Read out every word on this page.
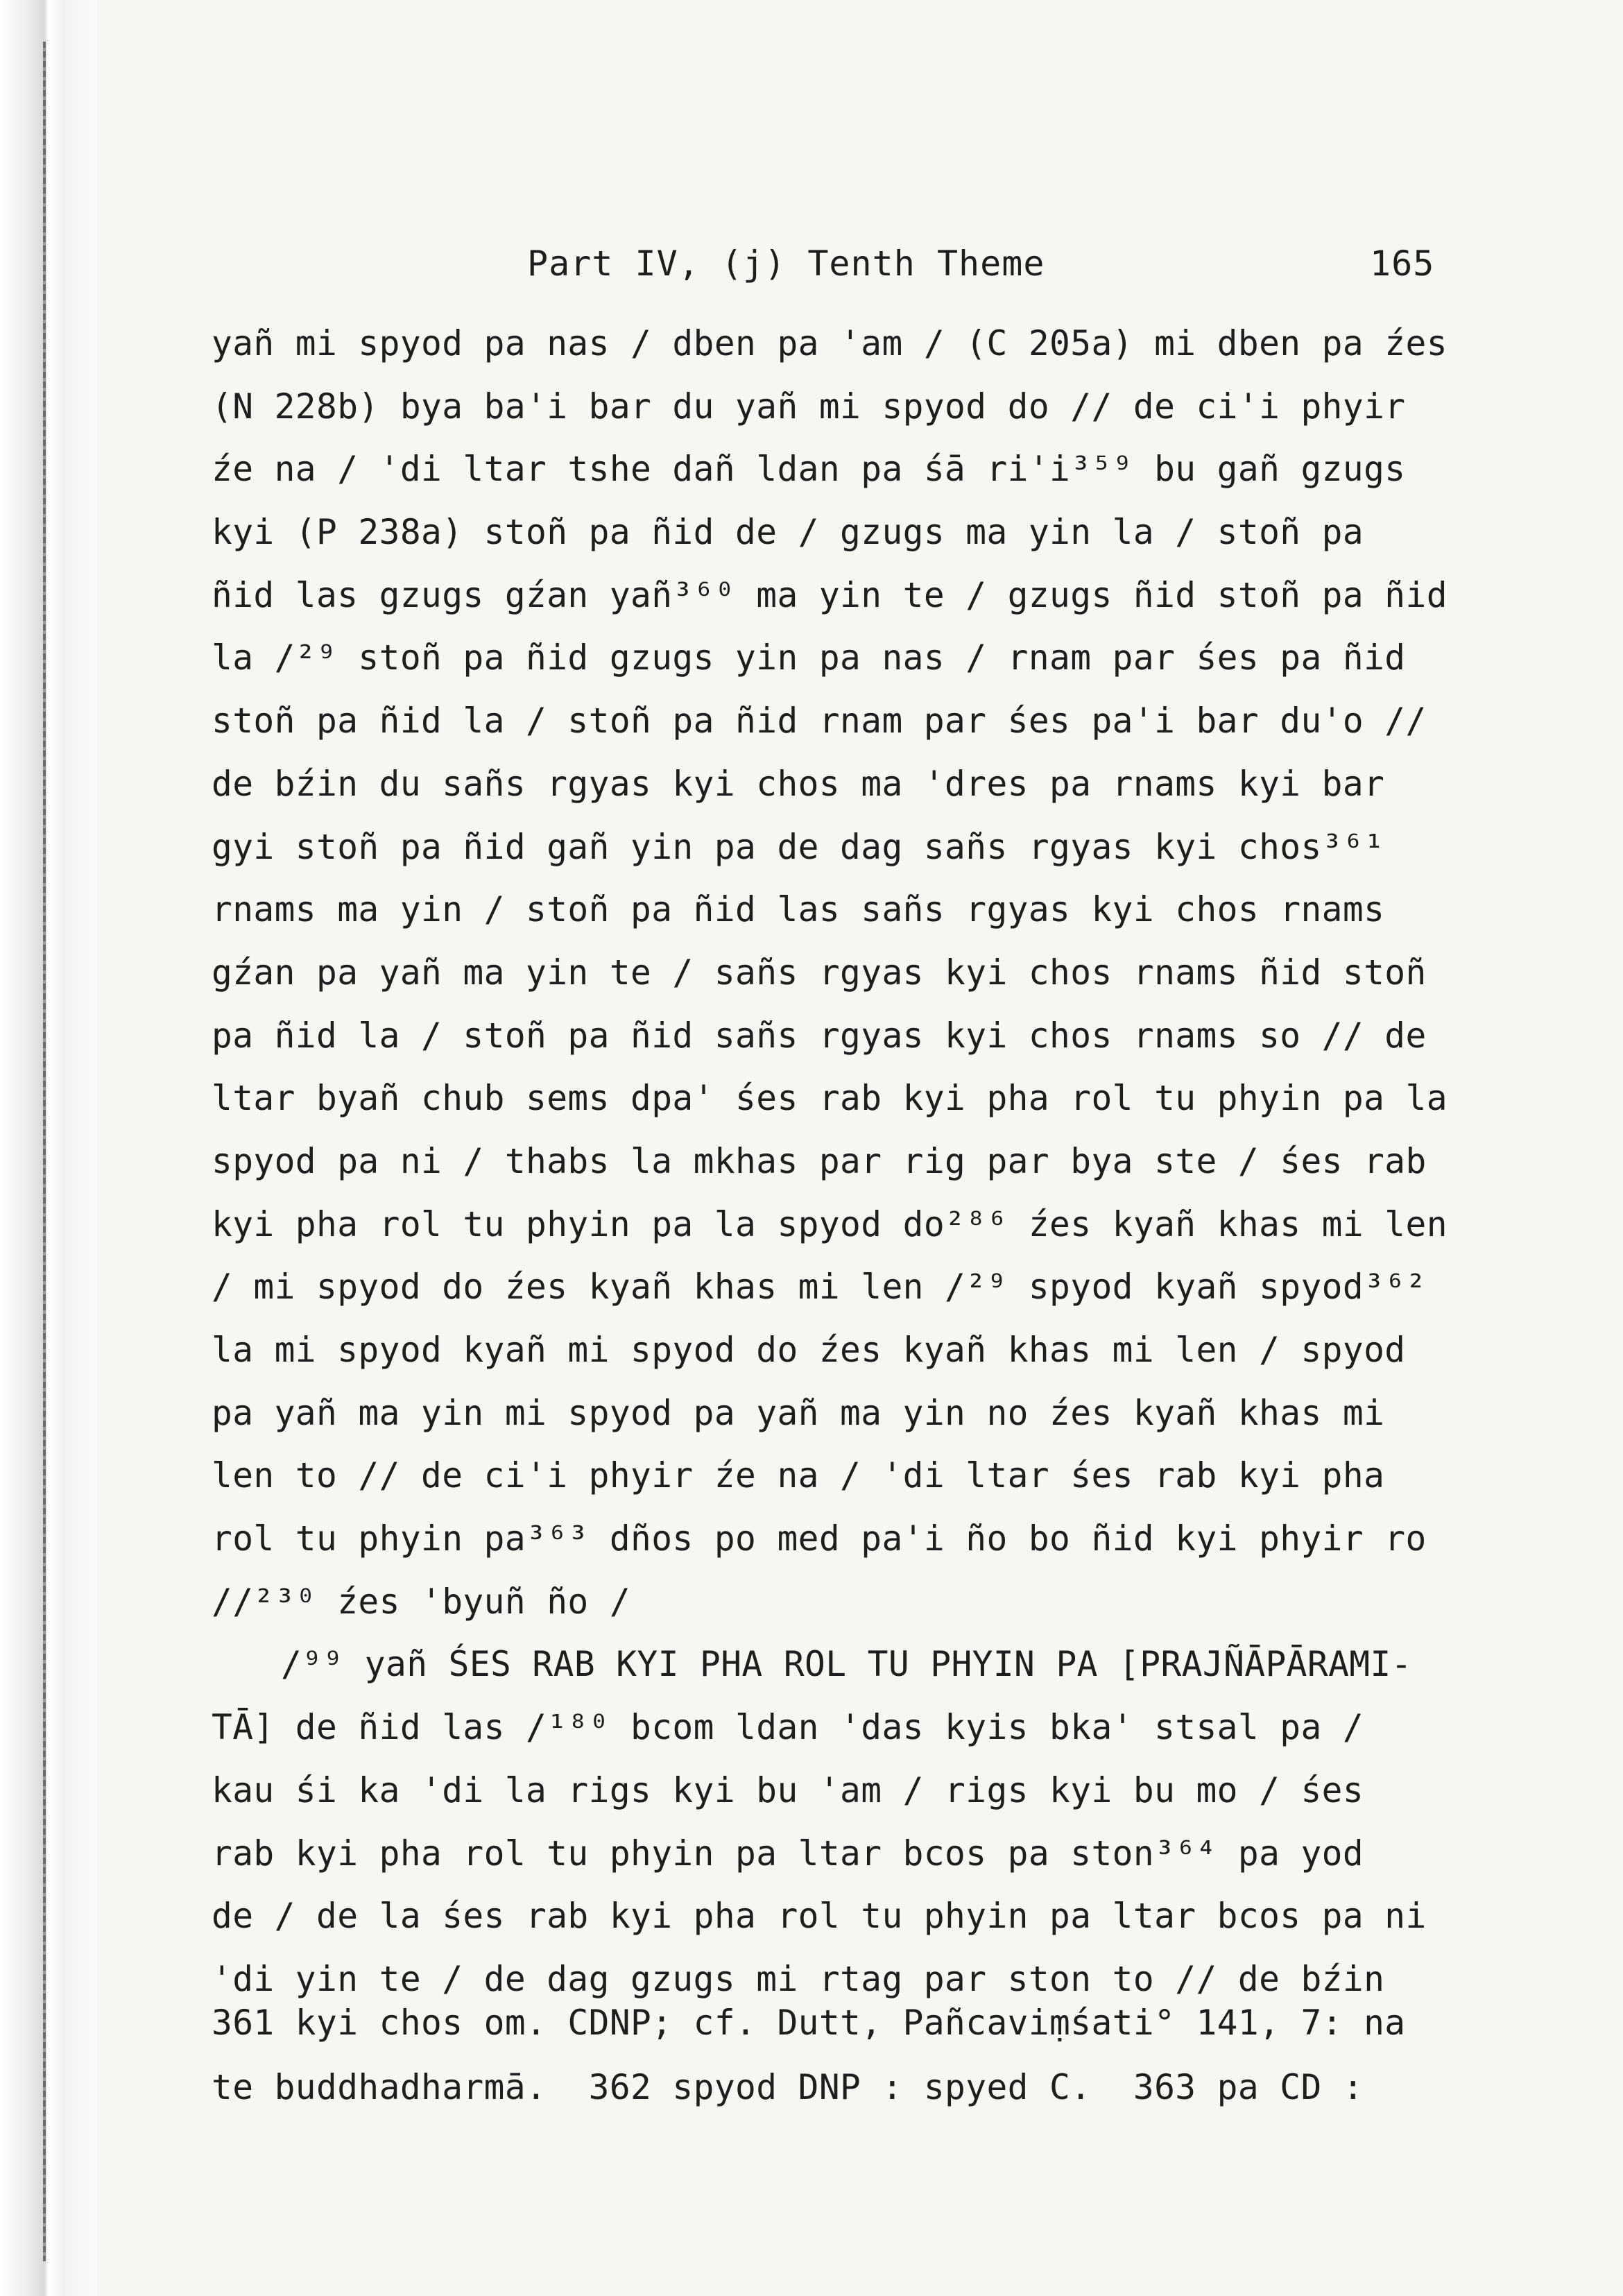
Part IV, (j) Tenth Theme	165
yañ mi spyod pa nas / dben pa 'am / (C 205a) mi dben pa źes
(N 228b) bya ba'i bar du yañ mi spyod do // de ci'i phyir
źe na / 'di ltar tshe dañ ldan pa śā ri'i³⁵⁹ bu gañ gzugs
kyi (P 238a) stoñ pa ñid de / gzugs ma yin la / stoñ pa
ñid las gzugs gźan yañ³⁶⁰ ma yin te / gzugs ñid stoñ pa ñid
la /²⁹ stoñ pa ñid gzugs yin pa nas / rnam par śes pa ñid
stoñ pa ñid la / stoñ pa ñid rnam par śes pa'i bar du'o //
de bźin du sañs rgyas kyi chos ma 'dres pa rnams kyi bar
gyi stoñ pa ñid gañ yin pa de dag sañs rgyas kyi chos³⁶¹
rnams ma yin / stoñ pa ñid las sañs rgyas kyi chos rnams
gźan pa yañ ma yin te / sañs rgyas kyi chos rnams ñid stoñ
pa ñid la / stoñ pa ñid sañs rgyas kyi chos rnams so // de
ltar byañ chub sems dpa' śes rab kyi pha rol tu phyin pa la
spyod pa ni / thabs la mkhas par rig par bya ste / śes rab
kyi pha rol tu phyin pa la spyod do²⁸⁶ źes kyañ khas mi len
/ mi spyod do źes kyañ khas mi len /²⁹ spyod kyañ spyod³⁶²
la mi spyod kyañ mi spyod do źes kyañ khas mi len / spyod
pa yañ ma yin mi spyod pa yañ ma yin no źes kyañ khas mi
len to // de ci'i phyir źe na / 'di ltar śes rab kyi pha
rol tu phyin pa³⁶³ dños po med pa'i ño bo ñid kyi phyir ro
//²³⁰ źes 'byuñ ño /
/⁹⁹ yañ ŚES RAB KYI PHA ROL TU PHYIN PA [PRAJÑĀPĀRAMI-
TĀ] de ñid las /¹⁸⁰ bcom ldan 'das kyis bka' stsal pa /
kau śi ka 'di la rigs kyi bu 'am / rigs kyi bu mo / śes
rab kyi pha rol tu phyin pa ltar bcos pa ston³⁶⁴ pa yod
de / de la śes rab kyi pha rol tu phyin pa ltar bcos pa ni
'di yin te / de dag gzugs mi rtag par ston to // de bźin
361 kyi chos om. CDNP; cf. Dutt, Pañcaviṃśati° 141, 7: na
te buddhadharmā.  362 spyod DNP : spyed C.  363 pa CD :
